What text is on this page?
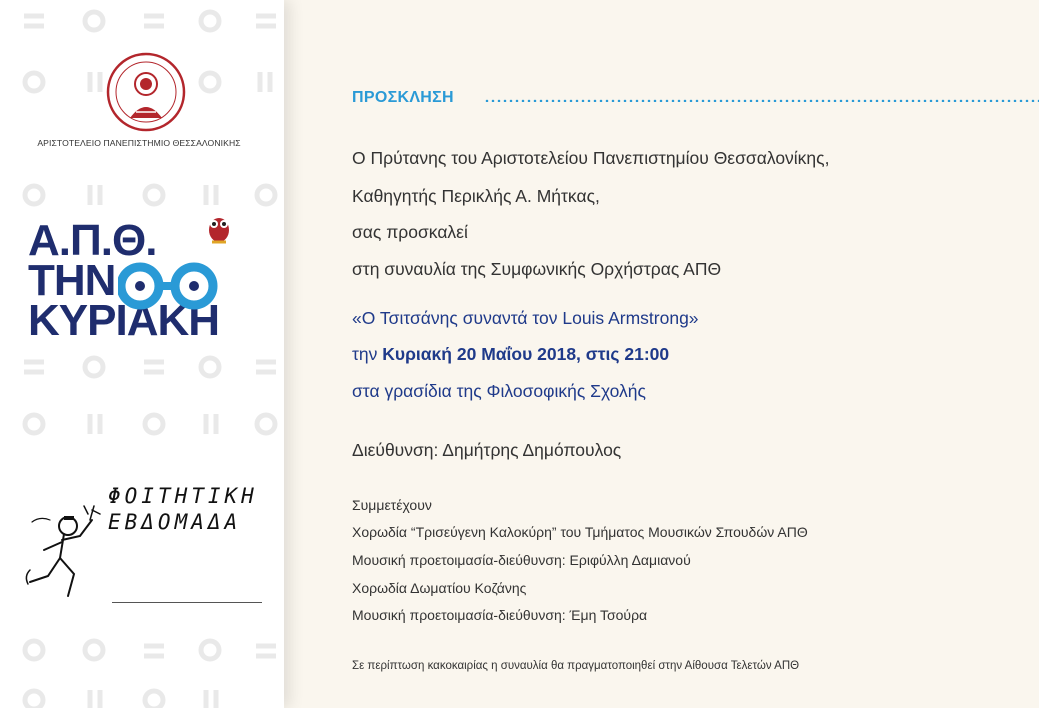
ΑΡΙΣΤΟΤΕΛΕΙΟ ΠΑΝΕΠΙΣΤΗΜΙΟ ΘΕΣΣΑΛΟΝΙΚΗΣ
Α.Π.Θ.
ΤΗΝ
ΚΥΡΙΑΚΗ
ΦΟΙΤΗΤΙΚΗ
ΕΒΔΟΜΑΔΑ
ΠΡΟΣΚΛΗΣΗ
Ο Πρύτανης του Αριστοτελείου Πανεπιστημίου Θεσσαλονίκης,
Καθηγητής Περικλής Α. Μήτκας,
σας προσκαλεί
στη συναυλία της Συμφωνικής Ορχήστρας ΑΠΘ
«Ο Τσιτσάνης συναντά τον Louis Armstrong»
την Κυριακή 20 Μαΐου 2018, στις 21:00
στα γρασίδια της Φιλοσοφικής Σχολής
Διεύθυνση: Δημήτρης Δημόπουλος
Συμμετέχουν
Χορωδία “Τρισεύγενη Καλοκύρη” του Τμήματος Μουσικών Σπουδών ΑΠΘ
Μουσική προετοιμασία-διεύθυνση: Εριφύλλη Δαμιανού
Χορωδία Δωματίου Κοζάνης
Μουσική προετοιμασία-διεύθυνση: Έμη Τσούρα
Σε περίπτωση κακοκαιρίας η συναυλία θα πραγματοποιηθεί στην Αίθουσα Τελετών ΑΠΘ
